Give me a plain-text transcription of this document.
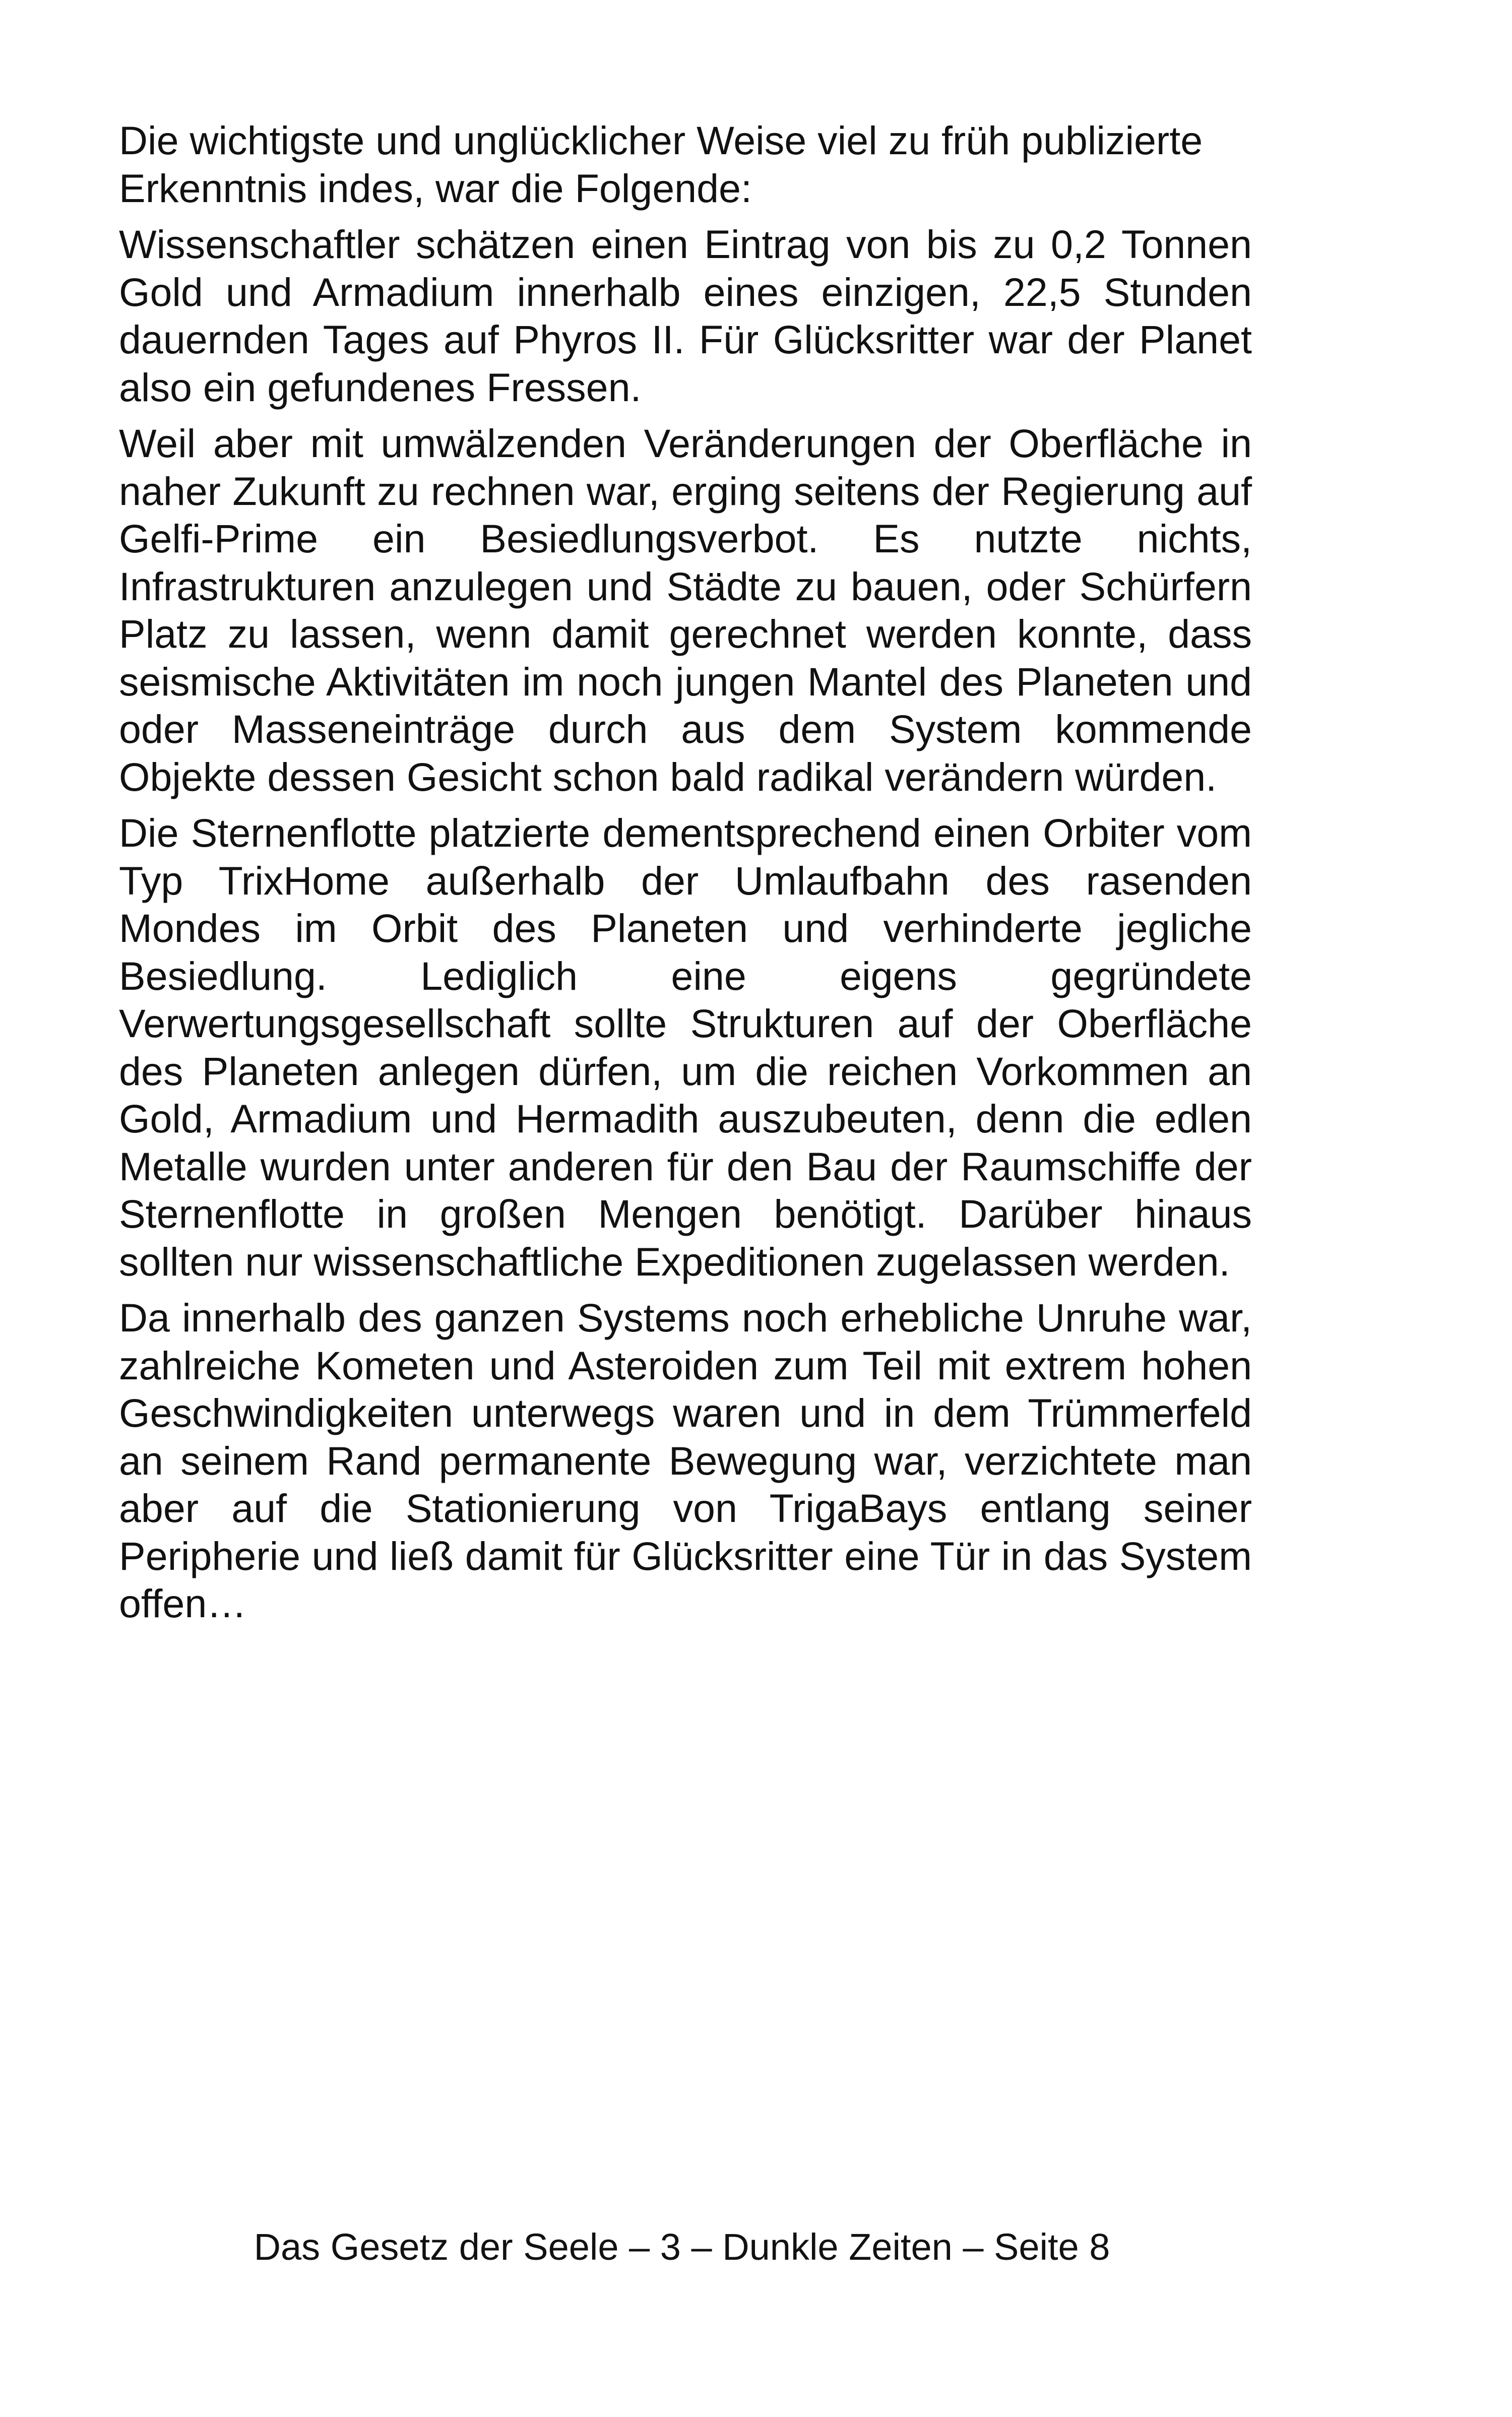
Die wichtigste und unglücklicher Weise viel zu früh publizierte Erkenntnis indes, war die Folgende:

Wissenschaftler schätzen einen Eintrag von bis zu 0,2 Tonnen Gold und Armadium innerhalb eines einzigen, 22,5 Stunden dauernden Tages auf Phyros II. Für Glücksritter war der Planet also ein gefundenes Fressen.

Weil aber mit umwälzenden Veränderungen der Oberfläche in naher Zukunft zu rechnen war, erging seitens der Regierung auf Gelfi-Prime ein Besiedlungsverbot. Es nutzte nichts, Infrastrukturen anzulegen und Städte zu bauen, oder Schürfern Platz zu lassen, wenn damit gerechnet werden konnte, dass seismische Aktivitäten im noch jungen Mantel des Planeten und oder Masseneinträge durch aus dem System kommende Objekte dessen Gesicht schon bald radikal verändern würden.

Die Sternenflotte platzierte dementsprechend einen Orbiter vom Typ TrixHome außerhalb der Umlaufbahn des rasenden Mondes im Orbit des Planeten und verhinderte jegliche Besiedlung. Lediglich eine eigens gegründete Verwertungsgesellschaft sollte Strukturen auf der Oberfläche des Planeten anlegen dürfen, um die reichen Vorkommen an Gold, Armadium und Hermadith auszubeuten, denn die edlen Metalle wurden unter anderen für den Bau der Raumschiffe der Sternenflotte in großen Mengen benötigt. Darüber hinaus sollten nur wissenschaftliche Expeditionen zugelassen werden.

Da innerhalb des ganzen Systems noch erhebliche Unruhe war, zahlreiche Kometen und Asteroiden zum Teil mit extrem hohen Geschwindigkeiten unterwegs waren und in dem Trümmerfeld an seinem Rand permanente Bewegung war, verzichtete man aber auf die Stationierung von TrigaBays entlang seiner Peripherie und ließ damit für Glücksritter eine Tür in das System offen…

Das Gesetz der Seele – 3 – Dunkle Zeiten – Seite 8
